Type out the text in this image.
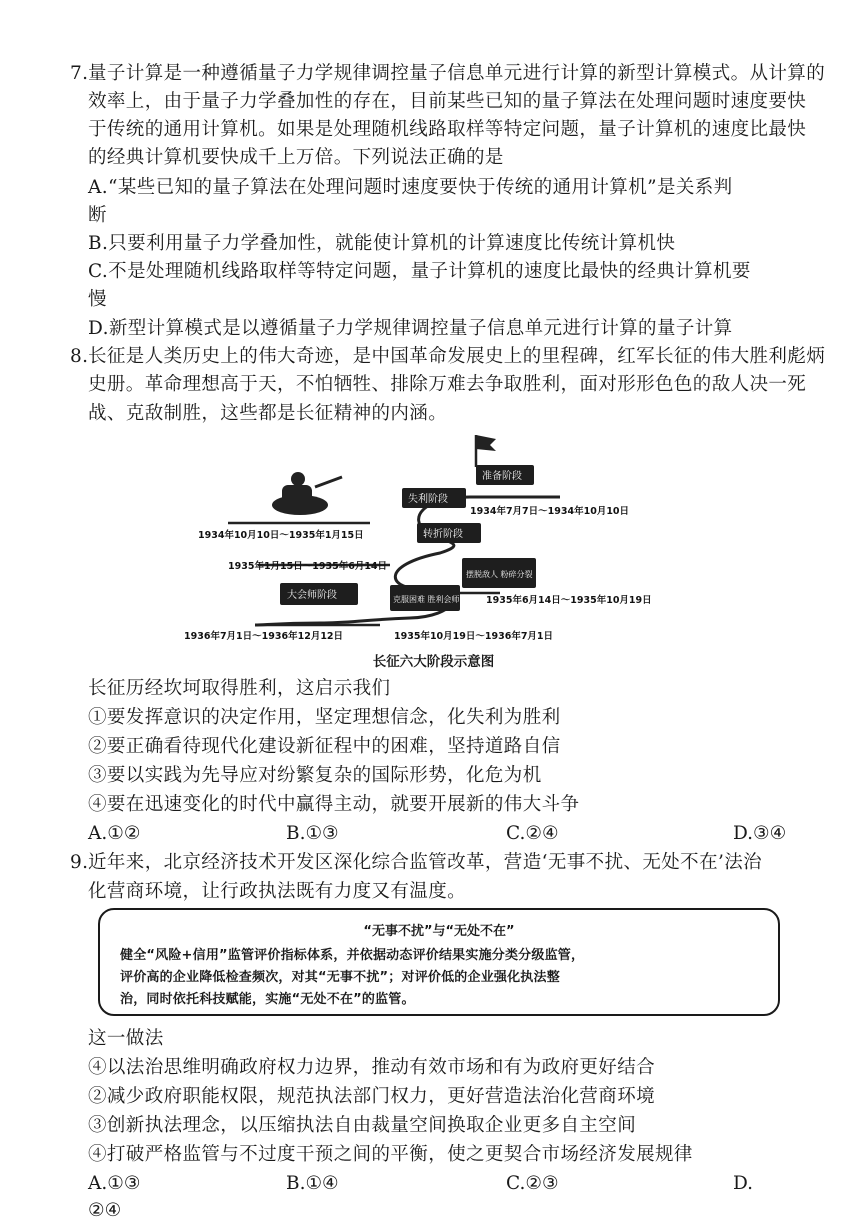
7. 量子计算是一种遵循量子力学规律调控量子信息单元进行计算的新型计算模式。从计算的
效率上，由于量子力学叠加性的存在，目前某些已知的量子算法在处理问题时速度要快
于传统的通用计算机。如果是处理随机线路取样等特定问题，量子计算机的速度比最快
的经典计算机要快成千上万倍。下列说法正确的是
A.“某些已知的量子算法在处理问题时速度要快于传统的通用计算机”是关系判
断
B.只要利用量子力学叠加性，就能使计算机的计算速度比传统计算机快
C.不是处理随机线路取样等特定问题，量子计算机的速度比最快的经典计算机要
慢
D.新型计算模式是以遵循量子力学规律调控量子信息单元进行计算的量子计算
8. 长征是人类历史上的伟大奇迹，是中国革命发展史上的里程碑，红军长征的伟大胜利彪炳
史册。革命理想高于天，不怕牺牲、排除万难去争取胜利，面对形形色色的敌人决一死
战、克敌制胜，这些都是长征精神的内涵。
准备阶段
失利阶段
转折阶段
摆脱敌人 粉碎分裂
克服困难 胜利会师
大会师阶段
1934年7月7日～1934年10月10日
1934年10月10日～1935年1月15日
1935年1月15日～1935年6月14日
1935年6月14日～1935年10月19日
1936年7月1日～1936年12月12日	1935年10月19日～1936年7月1日
长征六大阶段示意图
长征历经坎坷取得胜利，这启示我们
①要发挥意识的决定作用，坚定理想信念，化失利为胜利
②要正确看待现代化建设新征程中的困难，坚持道路自信
③要以实践为先导应对纷繁复杂的国际形势，化危为机
④要在迅速变化的时代中赢得主动，就要开展新的伟大斗争
A.①②	B.①③	C.②④	D.③④
9. 近年来，北京经济技术开发区深化综合监管改革，营造‘无事不扰、无处不在’法治
化营商环境，让行政执法既有力度又有温度。
“无事不扰”与“无处不在”
健全“风险+信用”监管评价指标体系，并依据动态评价结果实施分类分级监管，
评价高的企业降低检查频次，对其“无事不扰”；对评价低的企业强化执法整
治，同时依托科技赋能，实施“无处不在”的监管。
这一做法
④以法治思维明确政府权力边界，推动有效市场和有为政府更好结合
②减少政府职能权限，规范执法部门权力，更好营造法治化营商环境
③创新执法理念，以压缩执法自由裁量空间换取企业更多自主空间
④打破严格监管与不过度干预之间的平衡，使之更契合市场经济发展规律
A.①③	B.①④	C.②③	D.
②④
